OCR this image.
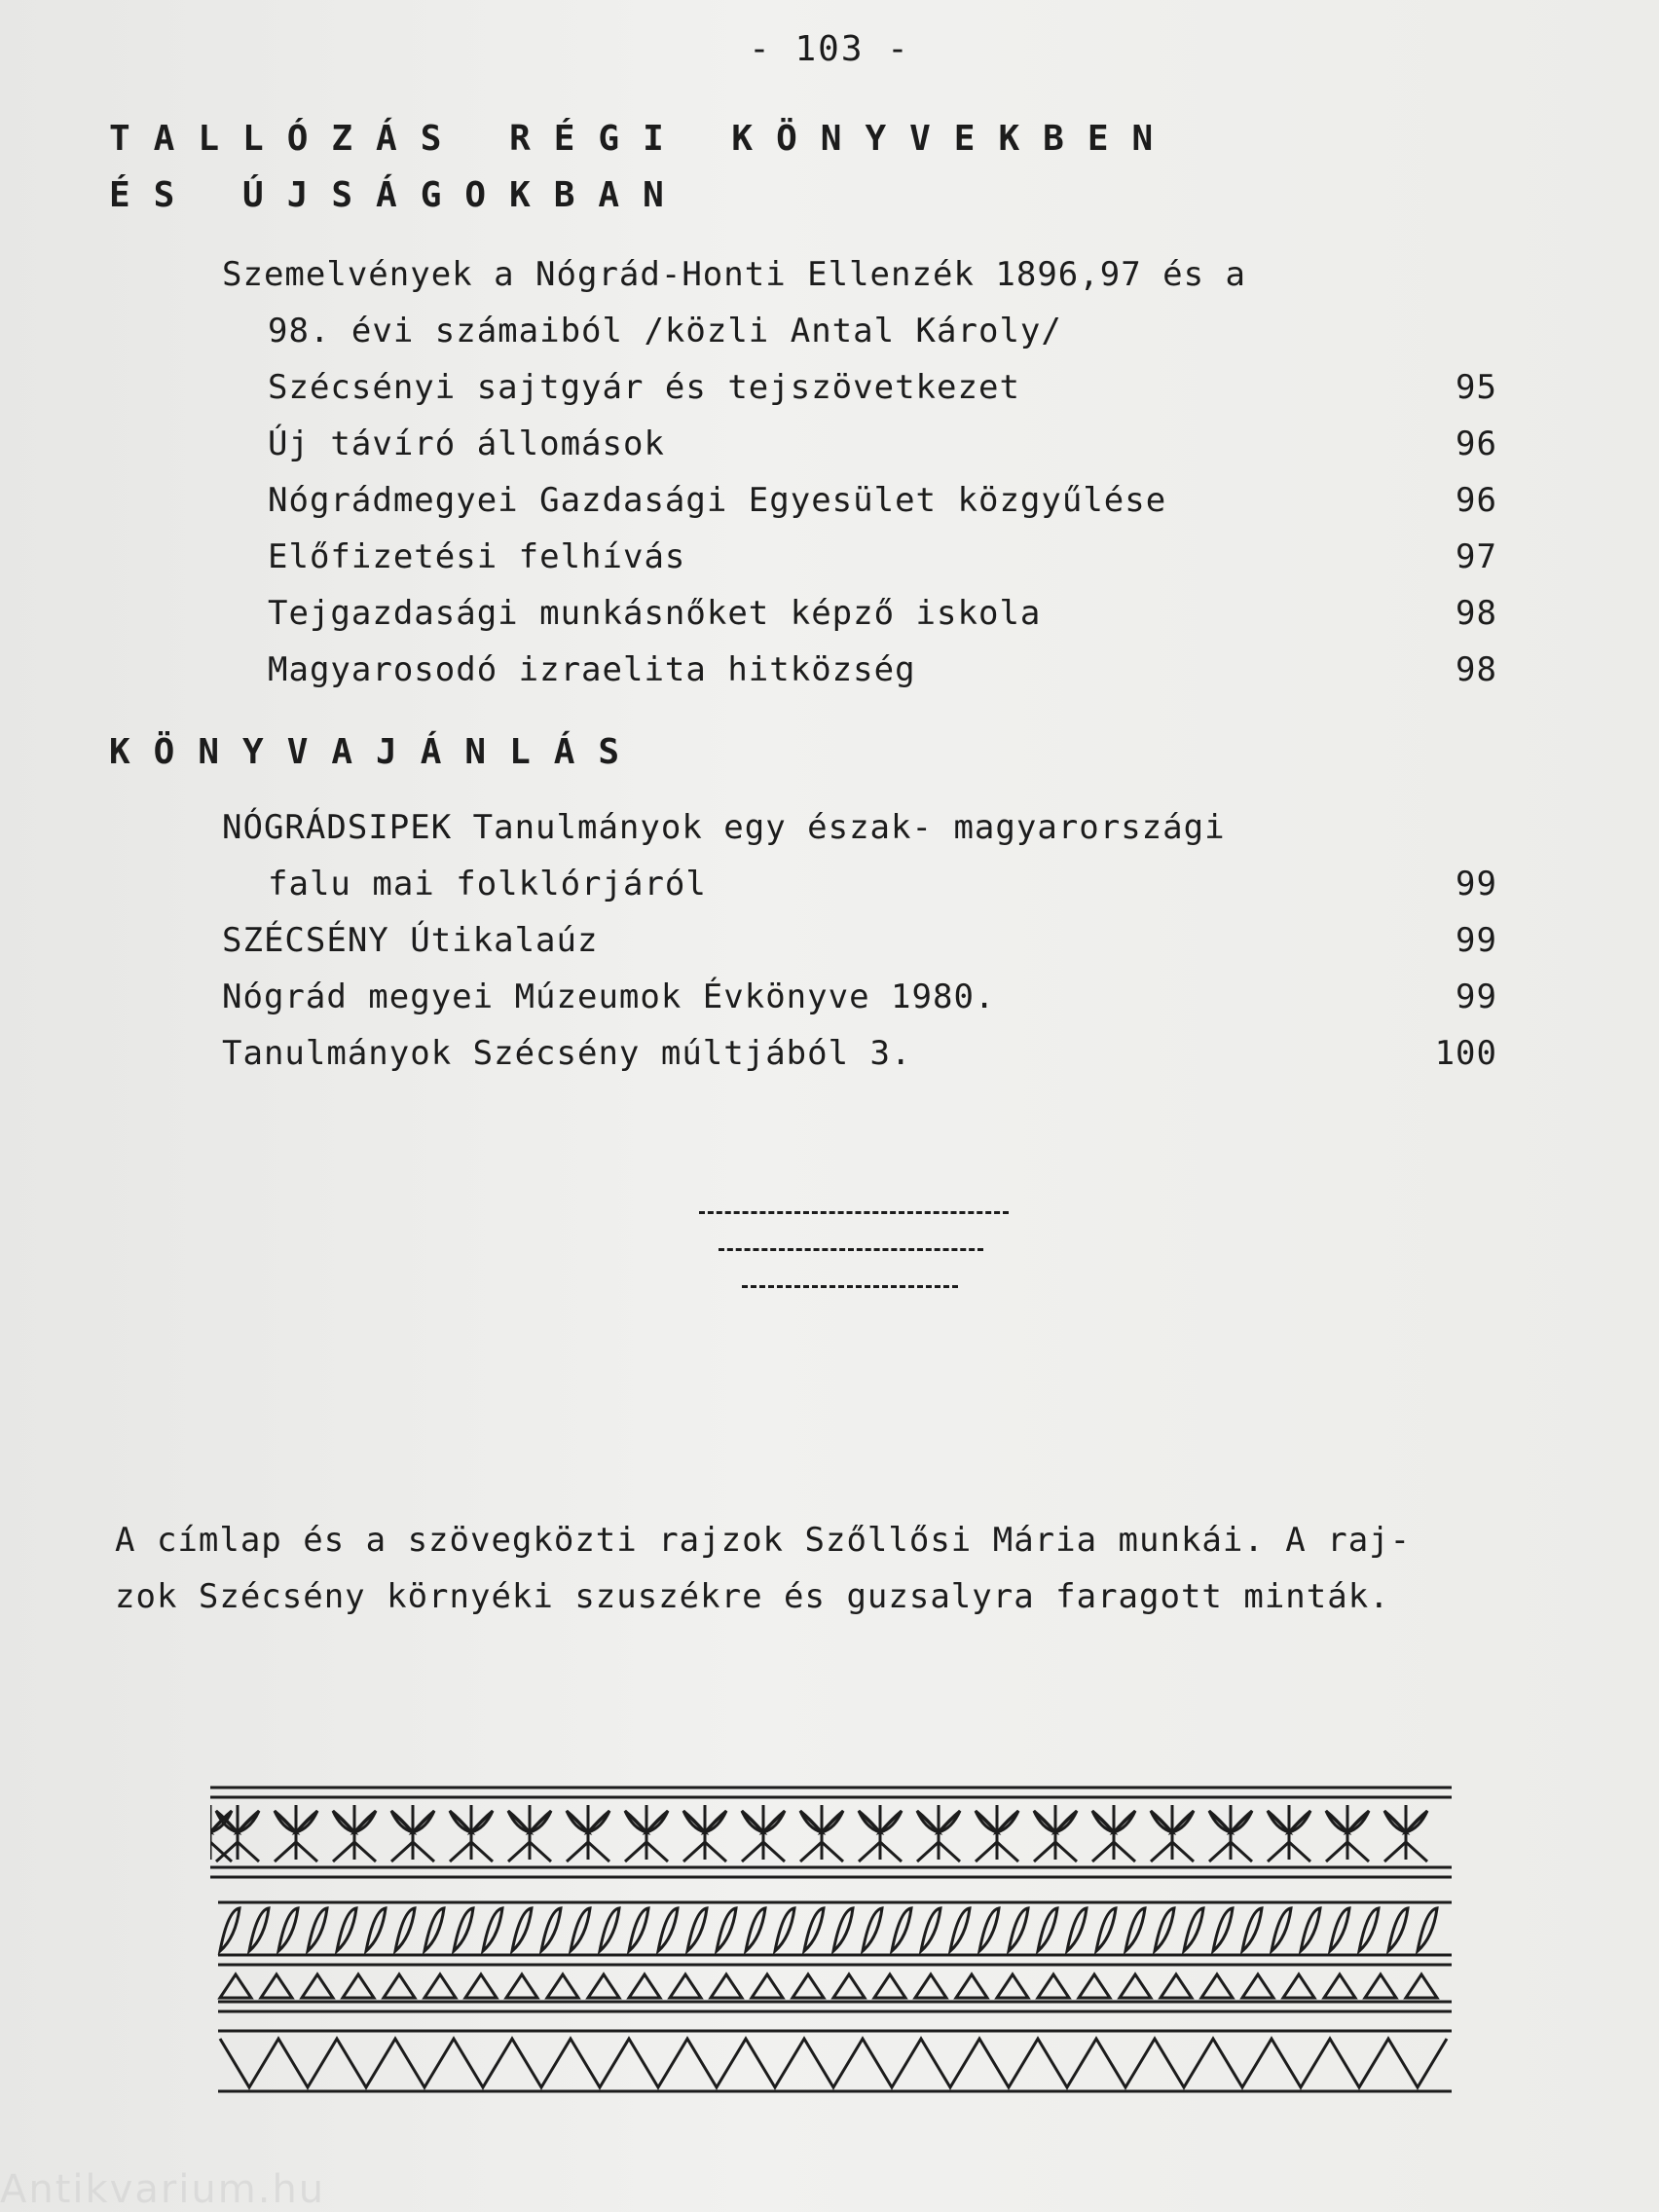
- 103 -
TALLÓZÁS RÉGI KÖNYVEKBEN
ÉS ÚJSÁGOKBAN
Szemelvények a Nógrád-Honti Ellenzék 1896,97 és a
98. évi számaiból /közli Antal Károly/
Szécsényi sajtgyár és tejszövetkezet	95
Új távíró állomások	96
Nógrádmegyei Gazdasági Egyesület közgyűlése	96
Előfizetési felhívás	97
Tejgazdasági munkásnőket képző iskola	98
Magyarosodó izraelita hitközség	98
KÖNYVAJÁNLÁS
NÓGRÁDSIPEK Tanulmányok egy észak- magyarországi
falu mai folklórjáról	99
SZÉCSÉNY Útikalaúz	99
Nógrád megyei Múzeumok Évkönyve 1980.	99
Tanulmányok Szécsény múltjából 3.	100
A címlap és a szövegközti rajzok Szőllősi Mária munkái. A raj-
zok Szécsény környéki szuszékre és guzsalyra faragott minták.
Antikvarium.hu
